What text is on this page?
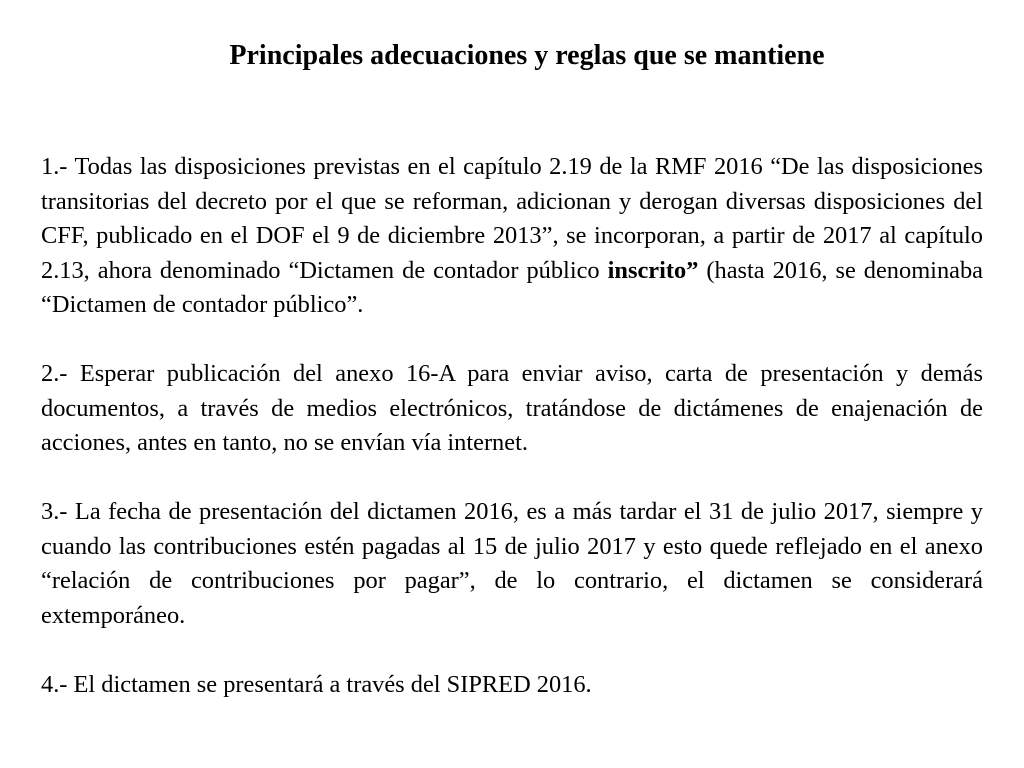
Principales adecuaciones y reglas que se mantiene

1.- Todas las disposiciones previstas en el capítulo 2.19 de la RMF 2016 “De las disposiciones transitorias del decreto por el que se reforman, adicionan y derogan diversas disposiciones del CFF, publicado en el DOF el 9 de diciembre 2013”, se incorporan, a partir de 2017 al capítulo 2.13, ahora denominado “Dictamen de contador público inscrito” (hasta 2016, se denominaba “Dictamen de contador público”.

2.- Esperar publicación del anexo 16-A para enviar aviso, carta de presentación y demás documentos, a través de medios electrónicos, tratándose de dictámenes de enajenación de acciones, antes en tanto, no se envían vía internet.

3.- La fecha de presentación del dictamen 2016, es a más tardar el 31 de julio 2017, siempre y cuando las contribuciones estén pagadas al 15 de julio 2017 y esto quede reflejado en el anexo “relación de contribuciones por pagar”, de lo contrario, el dictamen se considerará extemporáneo.

4.- El dictamen se presentará a través del SIPRED 2016.
